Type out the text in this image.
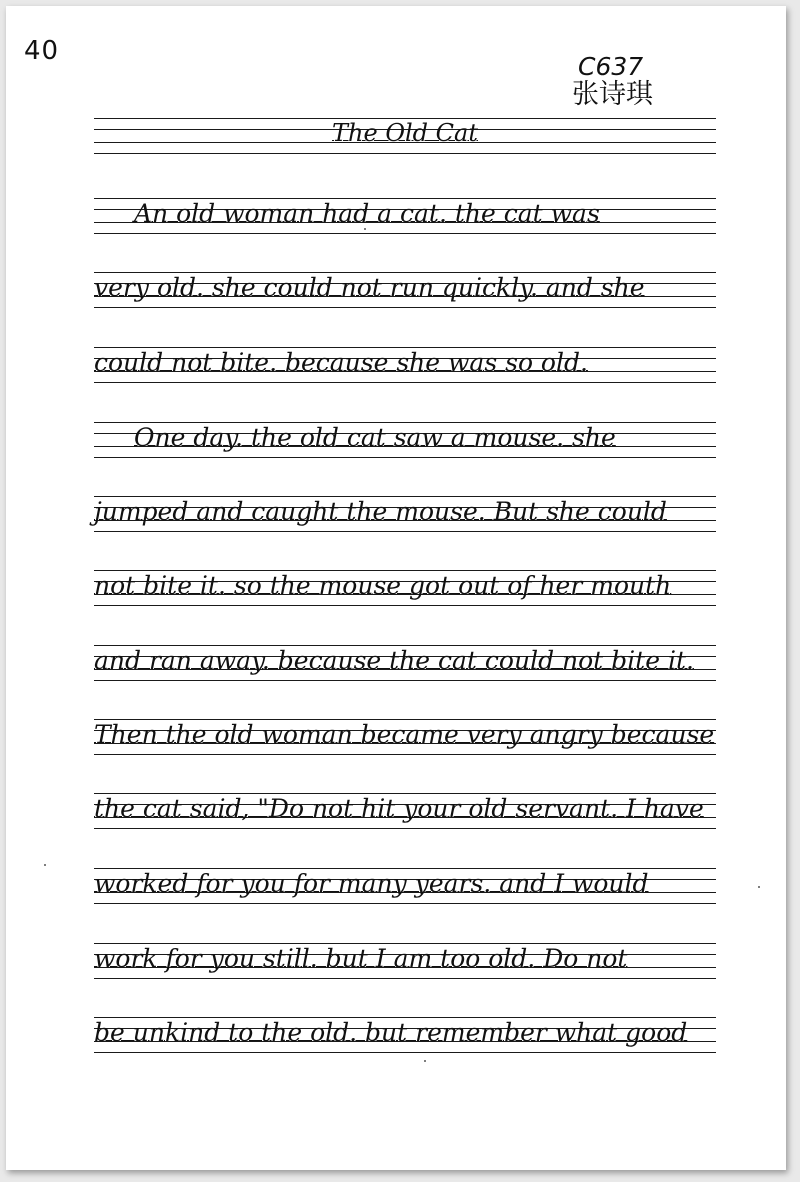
40
C637
张诗琪
The Old Cat
An old woman had a cat. the cat was
very old. she could not run quickly. and she
could not bite. because she was so old.
One day. the old cat saw a mouse. she
jumped and caught the mouse. But she could
not bite it. so the mouse got out of her mouth
and ran away. because the cat could not bite it.
Then the old woman became very angry because
the cat said, "Do not hit your old servant. I have
worked for you for many years. and I would
work for you still. but I am too old. Do not
be unkind to the old. but remember what good
